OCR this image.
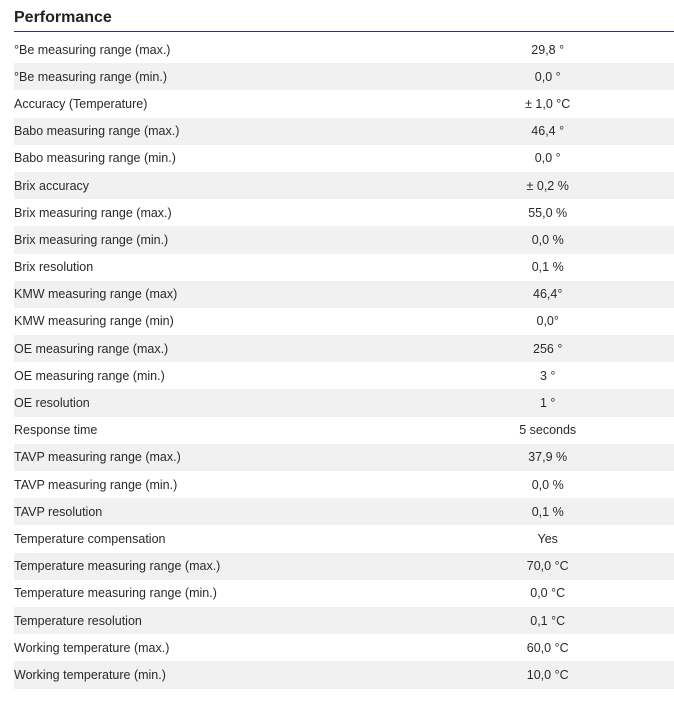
Performance
°Be measuring range (max.)	29,8 °
°Be measuring range (min.)	0,0 °
Accuracy (Temperature)	± 1,0 °C
Babo measuring range (max.)	46,4 °
Babo measuring range (min.)	0,0 °
Brix accuracy	± 0,2 %
Brix measuring range (max.)	55,0 %
Brix measuring range (min.)	0,0 %
Brix resolution	0,1 %
KMW measuring range (max)	46,4°
KMW measuring range (min)	0,0°
OE measuring range (max.)	256 °
OE measuring range (min.)	3 °
OE resolution	1 °
Response time	5 seconds
TAVP measuring range (max.)	37,9 %
TAVP measuring range (min.)	0,0 %
TAVP resolution	0,1 %
Temperature compensation	Yes
Temperature measuring range (max.)	70,0 °C
Temperature measuring range (min.)	0,0 °C
Temperature resolution	0,1 °C
Working temperature (max.)	60,0 °C
Working temperature (min.)	10,0 °C
